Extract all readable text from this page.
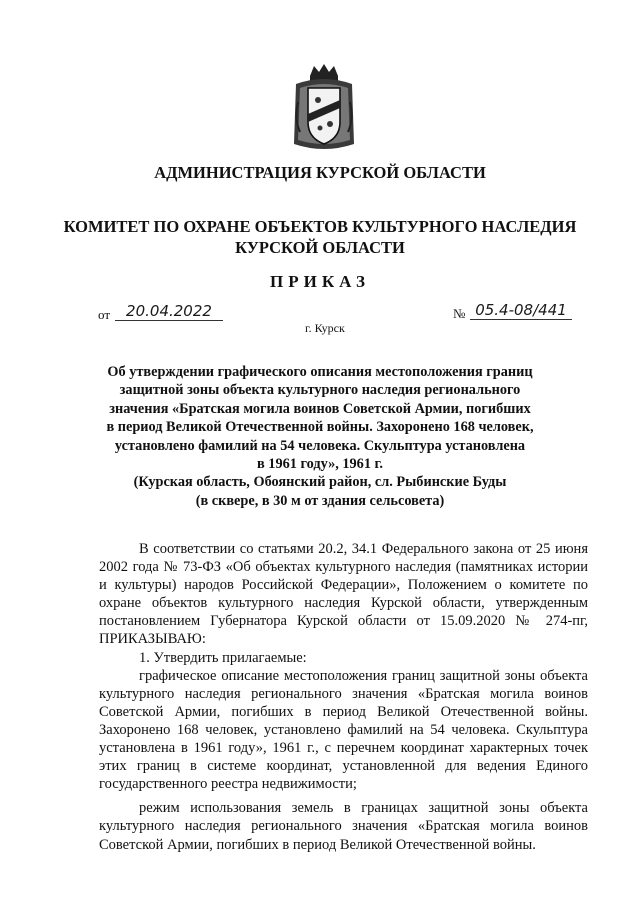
АДМИНИСТРАЦИЯ КУРСКОЙ ОБЛАСТИ
КОМИТЕТ ПО ОХРАНЕ ОБЪЕКТОВ КУЛЬТУРНОГО НАСЛЕДИЯ
КУРСКОЙ ОБЛАСТИ
ПРИКАЗ
от	20.04.2022	№ 05.4-08/441
г. Курск
Об утверждении графического описания местоположения границ
защитной зоны объекта культурного наследия регионального
значения «Братская могила воинов Советской Армии, погибших
в период Великой Отечественной войны. Захоронено 168 человек,
установлено фамилий на 54 человека. Скульптура установлена
в 1961 году», 1961 г.
(Курская область, Обоянский район, сл. Рыбинские Буды
(в сквере, в 30 м от здания сельсовета)

В соответствии со статьями 20.2, 34.1 Федерального закона от 25 июня 2002 года № 73-ФЗ «Об объектах культурного наследия (памятниках истории и культуры) народов Российской Федерации», Положением о комитете по охране объектов культурного наследия Курской области, утвержденным постановлением Губернатора Курской области от 15.09.2020 № 274-пг, ПРИКАЗЫВАЮ:

1. Утвердить прилагаемые:

графическое описание местоположения границ защитной зоны объекта культурного наследия регионального значения «Братская могила воинов Советской Армии, погибших в период Великой Отечественной войны. Захоронено 168 человек, установлено фамилий на 54 человека. Скульптура установлена в 1961 году», 1961 г., с перечнем координат характерных точек этих границ в системе координат, установленной для ведения Единого государственного реестра недвижимости;

режим использования земель в границах защитной зоны объекта культурного наследия регионального значения «Братская могила воинов Советской Армии, погибших в период Великой Отечественной войны.
